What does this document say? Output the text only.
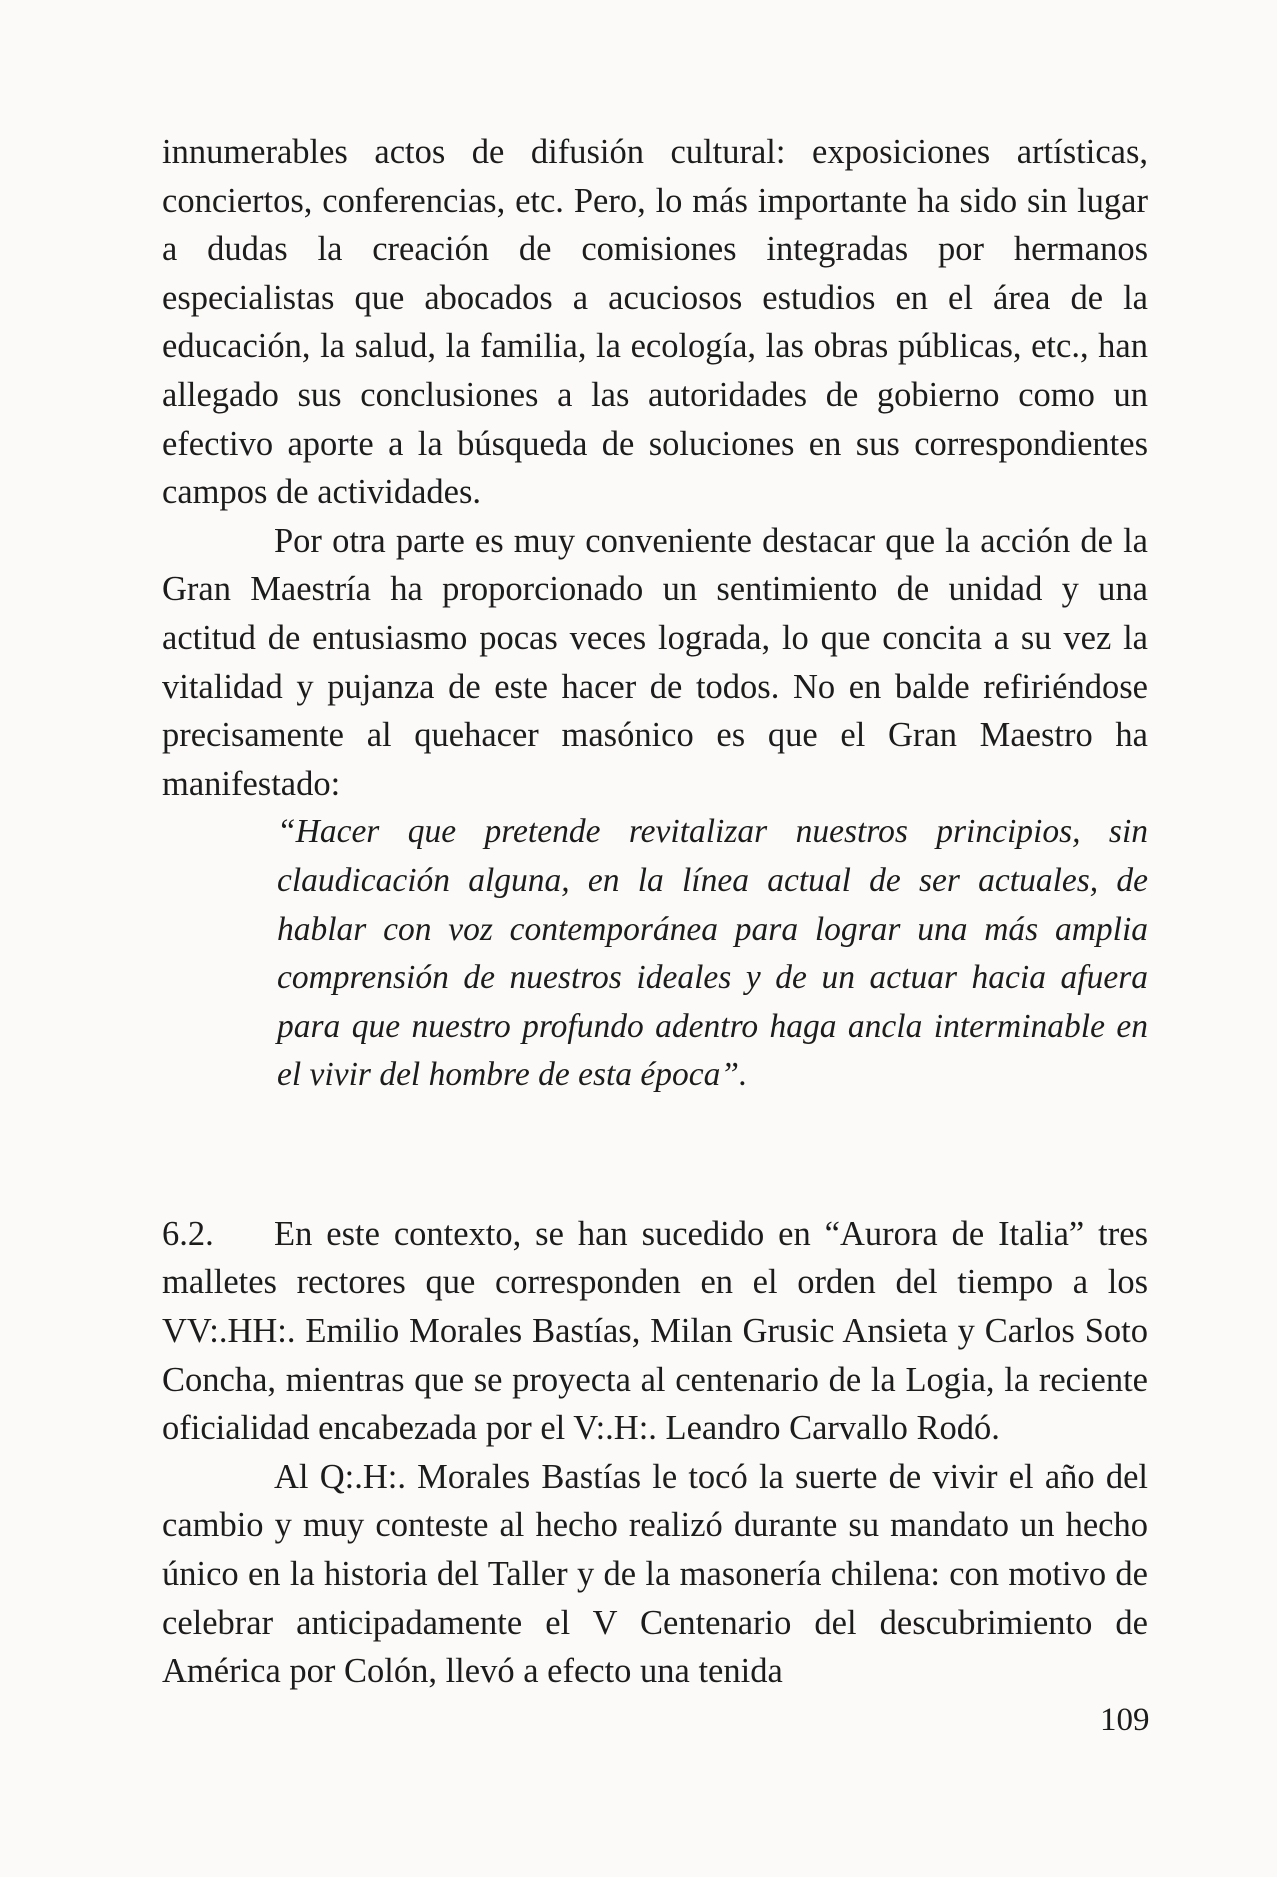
innumerables actos de difusión cultural: exposiciones artísticas, conciertos, conferencias, etc. Pero, lo más importante ha sido sin lugar a dudas la creación de comisiones integradas por hermanos especialistas que abocados a acuciosos estudios en el área de la educación, la salud, la familia, la ecología, las obras públicas, etc., han allegado sus conclusiones a las autoridades de gobierno como un efectivo aporte a la búsqueda de soluciones en sus correspondientes campos de actividades.

Por otra parte es muy conveniente destacar que la acción de la Gran Maestría ha proporcionado un sentimiento de unidad y una actitud de entusiasmo pocas veces lograda, lo que concita a su vez la vitalidad y pujanza de este hacer de todos. No en balde refiriéndose precisamente al quehacer masónico es que el Gran Maestro ha manifestado:

“Hacer que pretende revitalizar nuestros principios, sin claudicación alguna, en la línea actual de ser actuales, de hablar con voz contemporánea para lograr una más amplia comprensión de nuestros ideales y de un actuar hacia afuera para que nuestro profundo adentro haga ancla interminable en el vivir del hombre de esta época”.

6.2. En este contexto, se han sucedido en “Aurora de Italia” tres malletes rectores que corresponden en el orden del tiempo a los VV:.HH:. Emilio Morales Bastías, Milan Grusic Ansieta y Carlos Soto Concha, mientras que se proyecta al centenario de la Logia, la reciente oficialidad encabezada por el V:.H:. Leandro Carvallo Rodó.

Al Q:.H:. Morales Bastías le tocó la suerte de vivir el año del cambio y muy conteste al hecho realizó durante su mandato un hecho único en la historia del Taller y de la masonería chilena: con motivo de celebrar anticipadamente el V Centenario del descubrimiento de América por Colón, llevó a efecto una tenida

109
